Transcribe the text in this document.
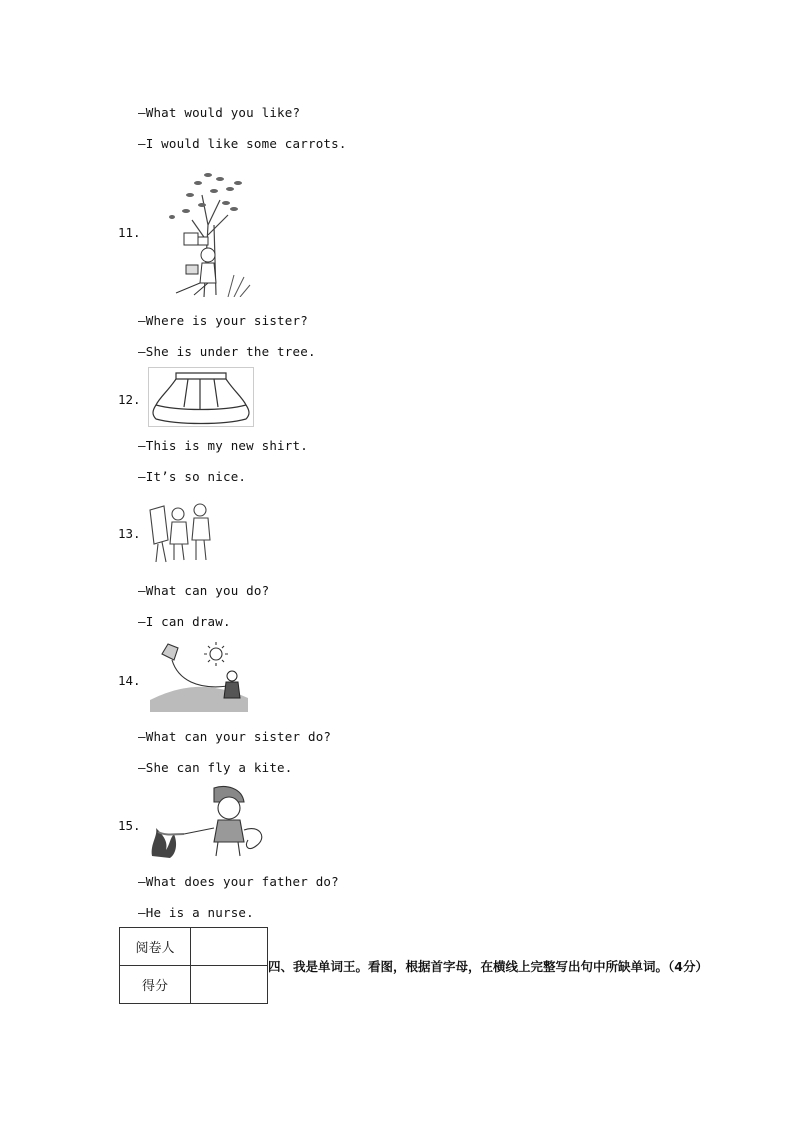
—What would you like?
—I would like some carrots.
11.
—Where is your sister?
—She is under the tree.
12.
—This is my new shirt.
—It’s so nice.
13.
—What can you do?
—I can draw.
14.
—What can your sister do?
—She can fly a kite.
15.
—What does your father do?
—He is a nurse.
阅卷人	
得分	
四、我是单词王。看图，根据首字母，在横线上完整写出句中所缺单词。（4分）
